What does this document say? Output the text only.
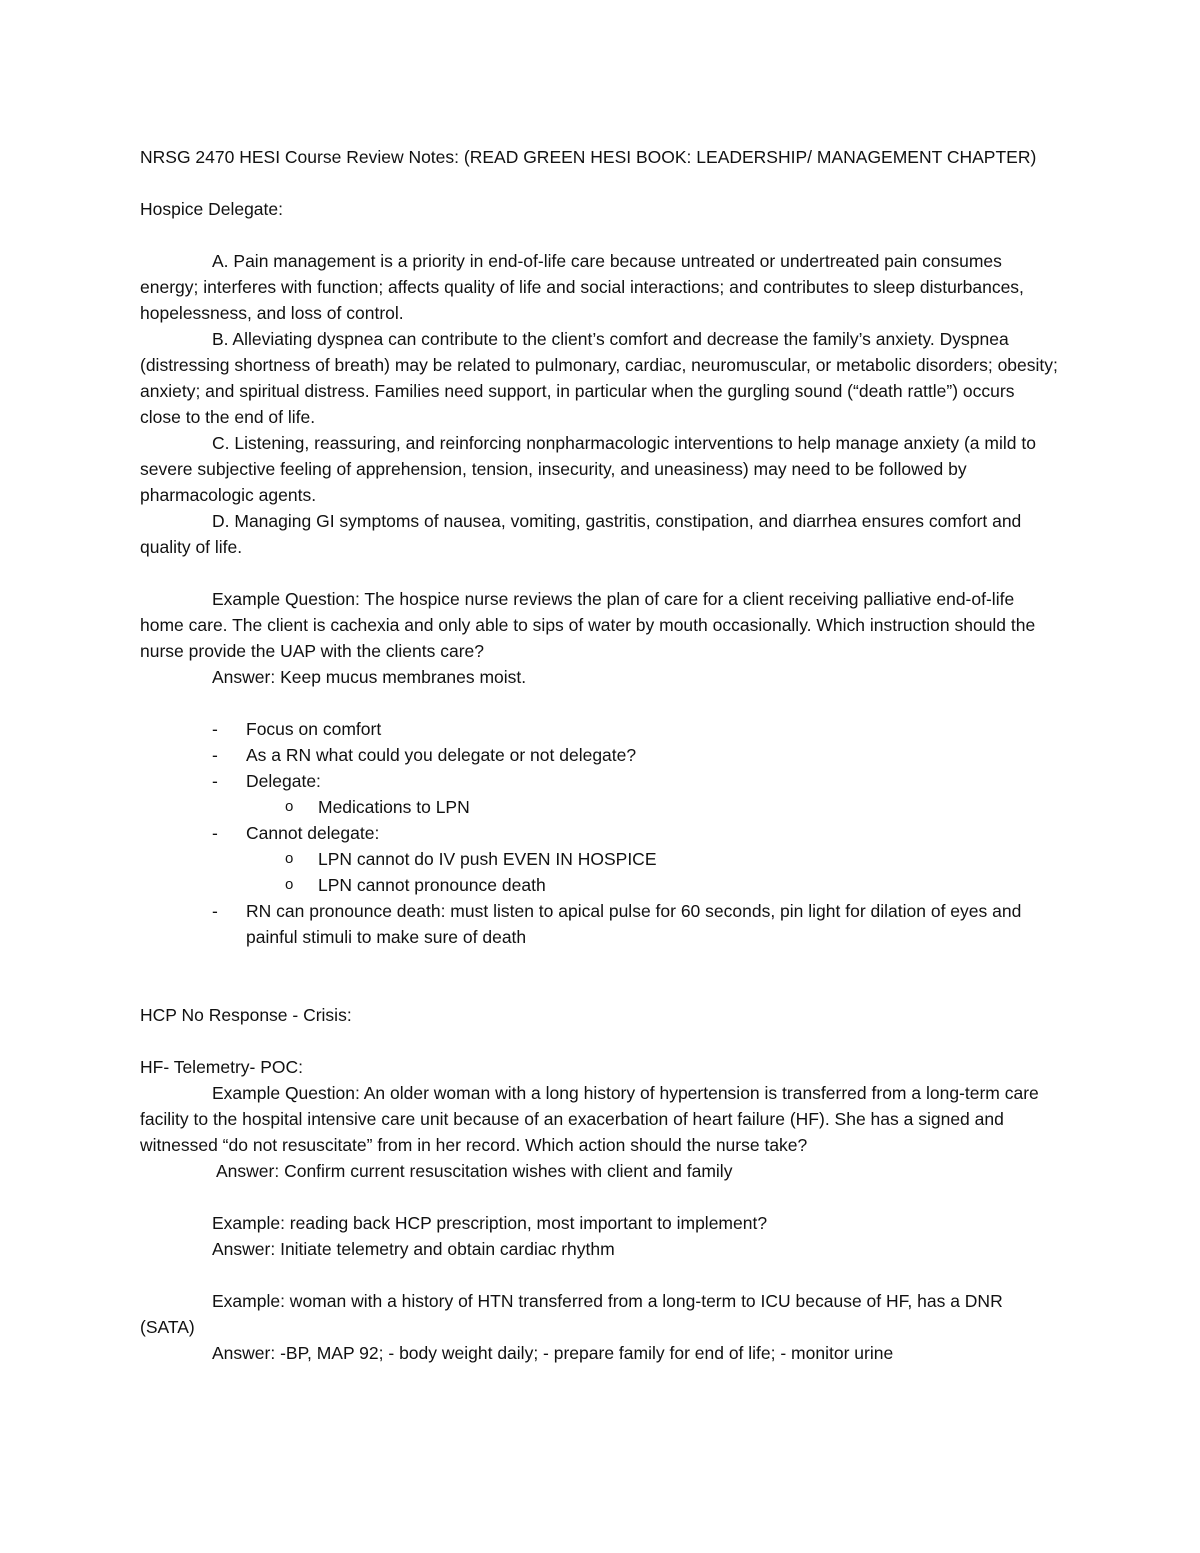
NRSG 2470 HESI Course Review Notes: (READ GREEN HESI BOOK: LEADERSHIP/ MANAGEMENT CHAPTER)

Hospice Delegate:

A. Pain management is a priority in end-of-life care because untreated or undertreated pain consumes energy; interferes with function; affects quality of life and social interactions; and contributes to sleep disturbances, hopelessness, and loss of control.

B. Alleviating dyspnea can contribute to the client’s comfort and decrease the family’s anxiety. Dyspnea (distressing shortness of breath) may be related to pulmonary, cardiac, neuromuscular, or metabolic disorders; obesity; anxiety; and spiritual distress. Families need support, in particular when the gurgling sound (“death rattle”) occurs close to the end of life.

C. Listening, reassuring, and reinforcing nonpharmacologic interventions to help manage anxiety (a mild to severe subjective feeling of apprehension, tension, insecurity, and uneasiness) may need to be followed by pharmacologic agents.

D. Managing GI symptoms of nausea, vomiting, gastritis, constipation, and diarrhea ensures comfort and quality of life.

Example Question: The hospice nurse reviews the plan of care for a client receiving palliative end-of-life home care. The client is cachexia and only able to sips of water by mouth occasionally. Which instruction should the nurse provide the UAP with the clients care?

Answer: Keep mucus membranes moist.

- Focus on comfort
- As a RN what could you delegate or not delegate?
- Delegate:
o Medications to LPN
- Cannot delegate:
o LPN cannot do IV push EVEN IN HOSPICE
o LPN cannot pronounce death
- RN can pronounce death: must listen to apical pulse for 60 seconds, pin light for dilation of eyes and painful stimuli to make sure of death

HCP No Response - Crisis:

HF- Telemetry- POC:

Example Question: An older woman with a long history of hypertension is transferred from a long-term care facility to the hospital intensive care unit because of an exacerbation of heart failure (HF). She has a signed and witnessed “do not resuscitate” from in her record. Which action should the nurse take?

Answer: Confirm current resuscitation wishes with client and family

Example: reading back HCP prescription, most important to implement?

Answer: Initiate telemetry and obtain cardiac rhythm

Example: woman with a history of HTN transferred from a long-term to ICU because of HF, has a DNR (SATA)

Answer: -BP, MAP 92; - body weight daily; - prepare family for end of life; - monitor urine
